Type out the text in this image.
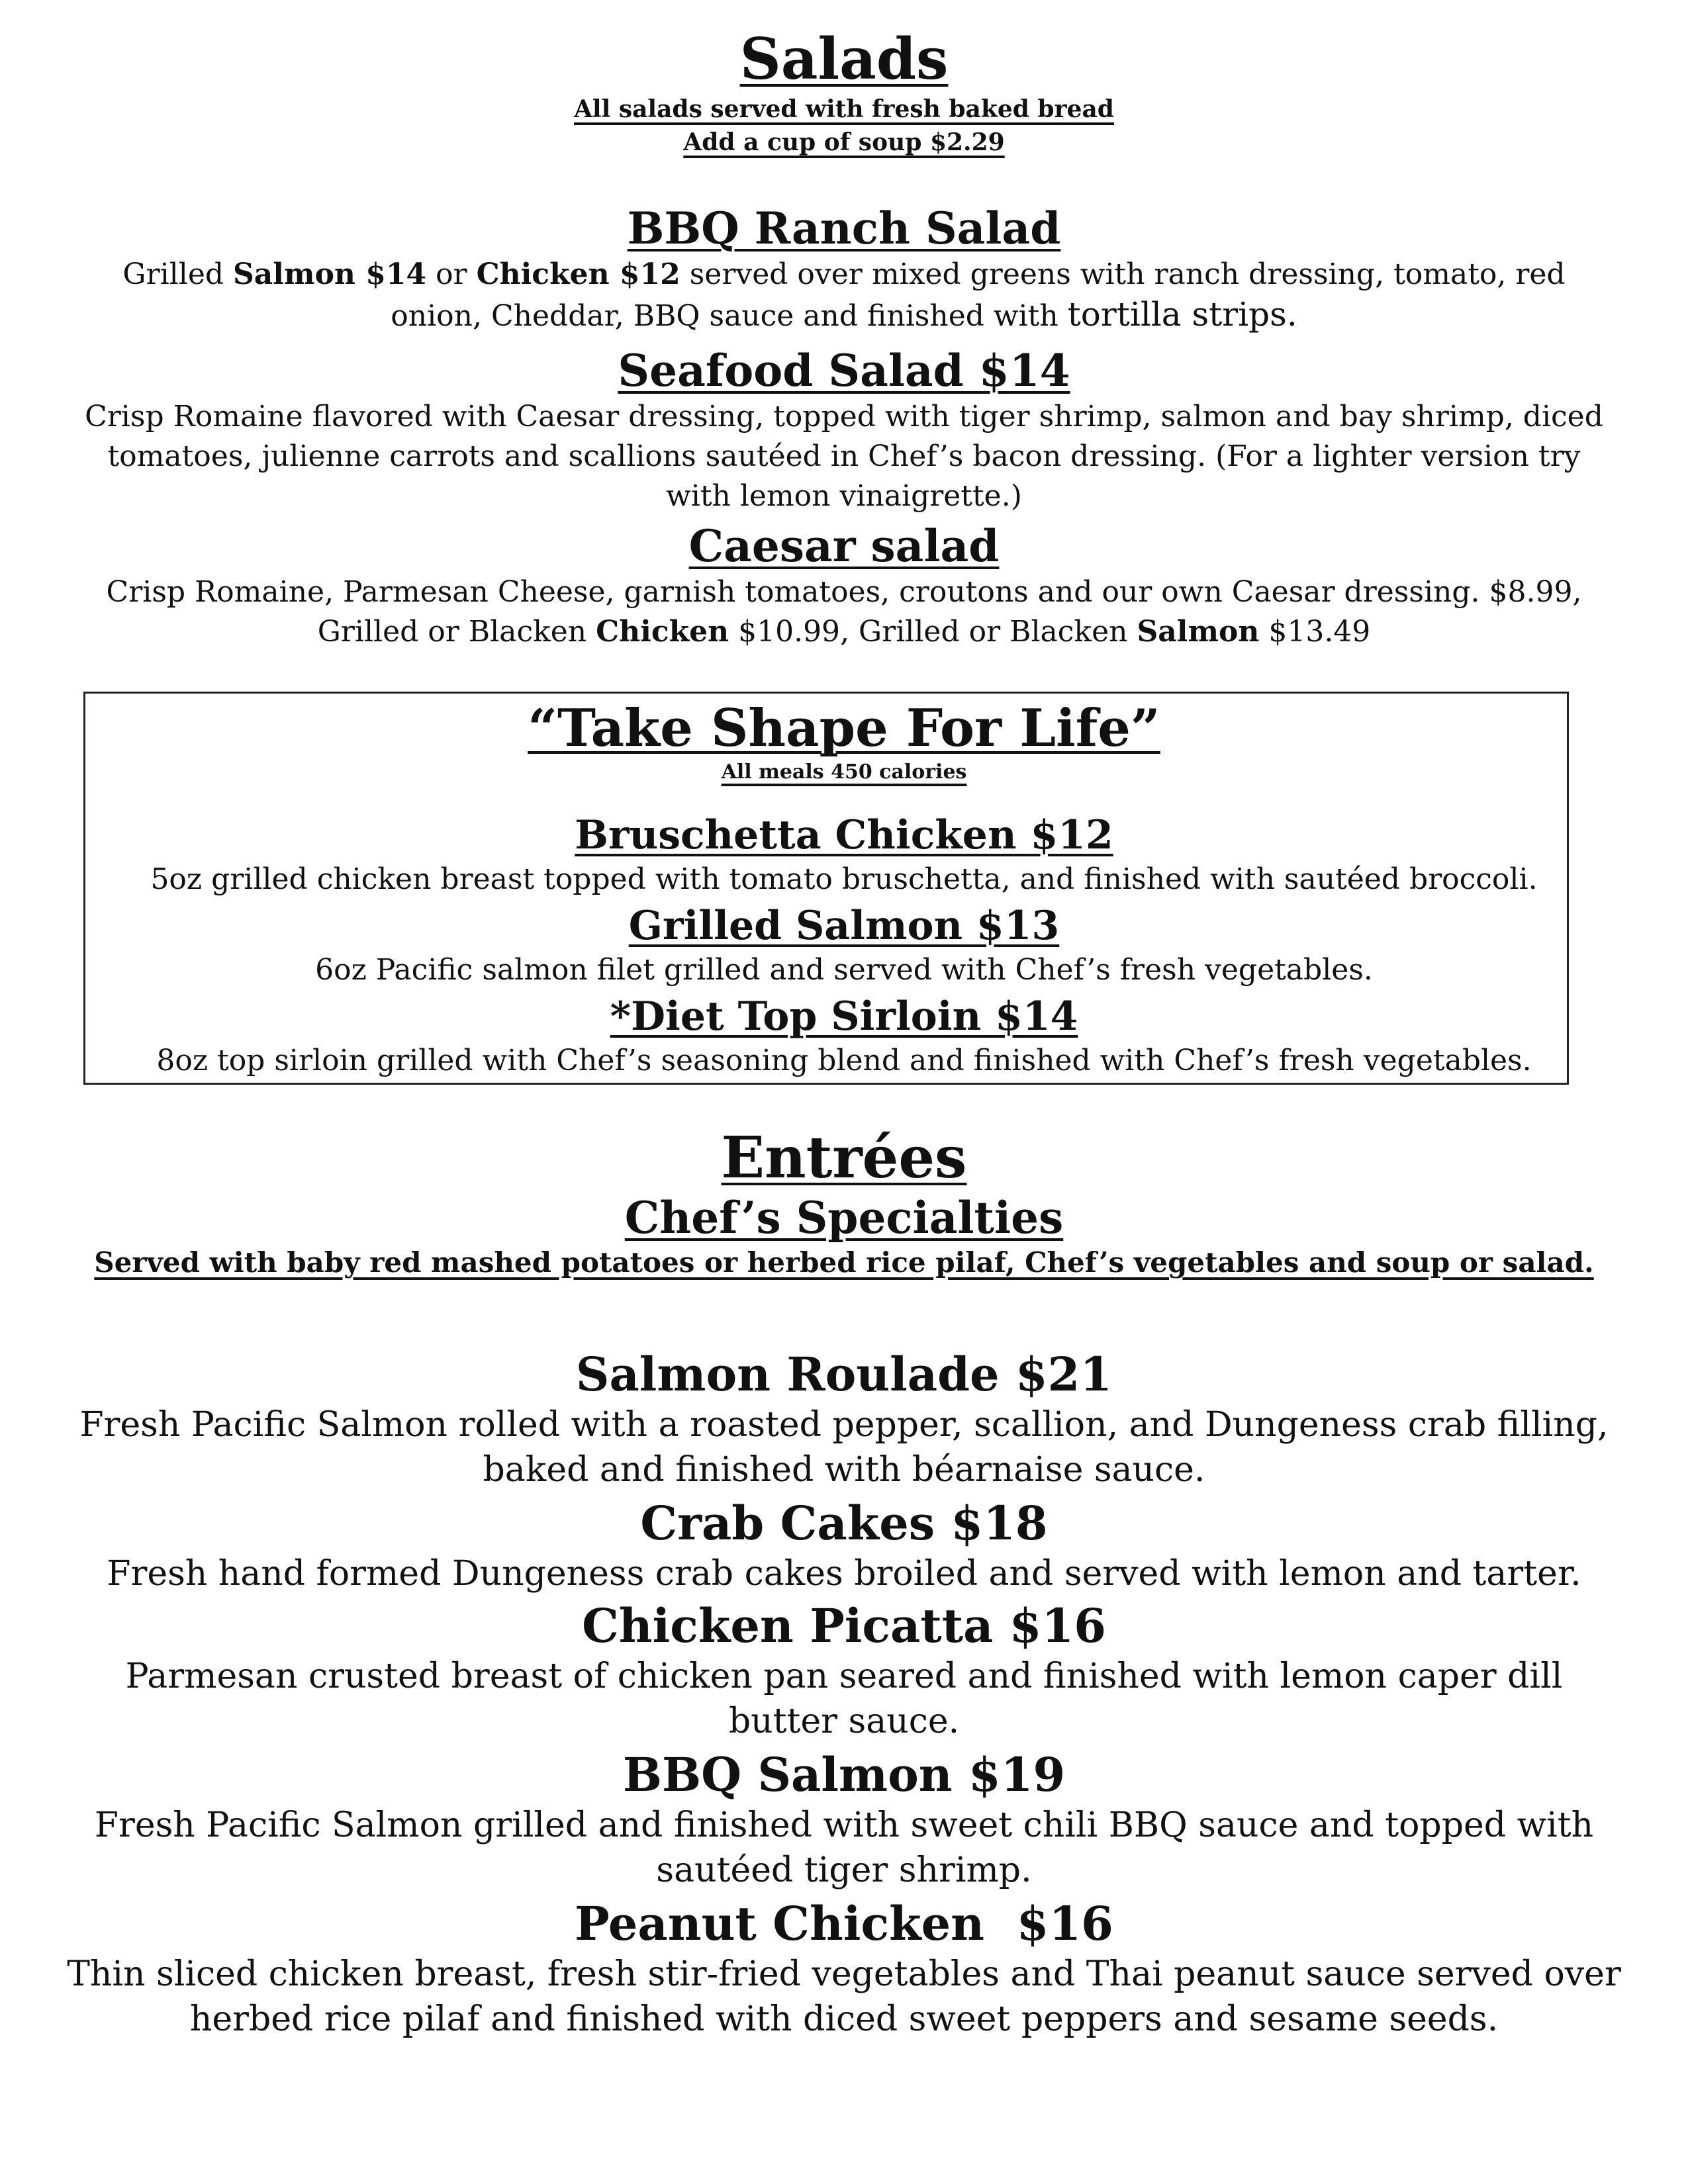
Salads
All salads served with fresh baked bread
Add a cup of soup $2.29
BBQ Ranch Salad
Grilled Salmon $14 or Chicken $12 served over mixed greens with ranch dressing, tomato, red
onion, Cheddar, BBQ sauce and finished with tortilla strips.
Seafood Salad $14
Crisp Romaine flavored with Caesar dressing, topped with tiger shrimp, salmon and bay shrimp, diced
tomatoes, julienne carrots and scallions sautéed in Chef’s bacon dressing. (For a lighter version try
with lemon vinaigrette.)
Caesar salad
Crisp Romaine, Parmesan Cheese, garnish tomatoes, croutons and our own Caesar dressing. $8.99,
Grilled or Blacken Chicken $10.99, Grilled or Blacken Salmon $13.49
“Take Shape For Life”
All meals 450 calories
Bruschetta Chicken $12
5oz grilled chicken breast topped with tomato bruschetta, and finished with sautéed broccoli.
Grilled Salmon $13
6oz Pacific salmon filet grilled and served with Chef’s fresh vegetables.
*Diet Top Sirloin $14
8oz top sirloin grilled with Chef’s seasoning blend and finished with Chef’s fresh vegetables.
Entrées
Chef’s Specialties
Served with baby red mashed potatoes or herbed rice pilaf, Chef’s vegetables and soup or salad.
Salmon Roulade $21
Fresh Pacific Salmon rolled with a roasted pepper, scallion, and Dungeness crab filling,
baked and finished with béarnaise sauce.
Crab Cakes $18
Fresh hand formed Dungeness crab cakes broiled and served with lemon and tarter.
Chicken Picatta $16
Parmesan crusted breast of chicken pan seared and finished with lemon caper dill
butter sauce.
BBQ Salmon $19
Fresh Pacific Salmon grilled and finished with sweet chili BBQ sauce and topped with
sautéed tiger shrimp.
Peanut Chicken  $16
Thin sliced chicken breast, fresh stir-fried vegetables and Thai peanut sauce served over
herbed rice pilaf and finished with diced sweet peppers and sesame seeds.
